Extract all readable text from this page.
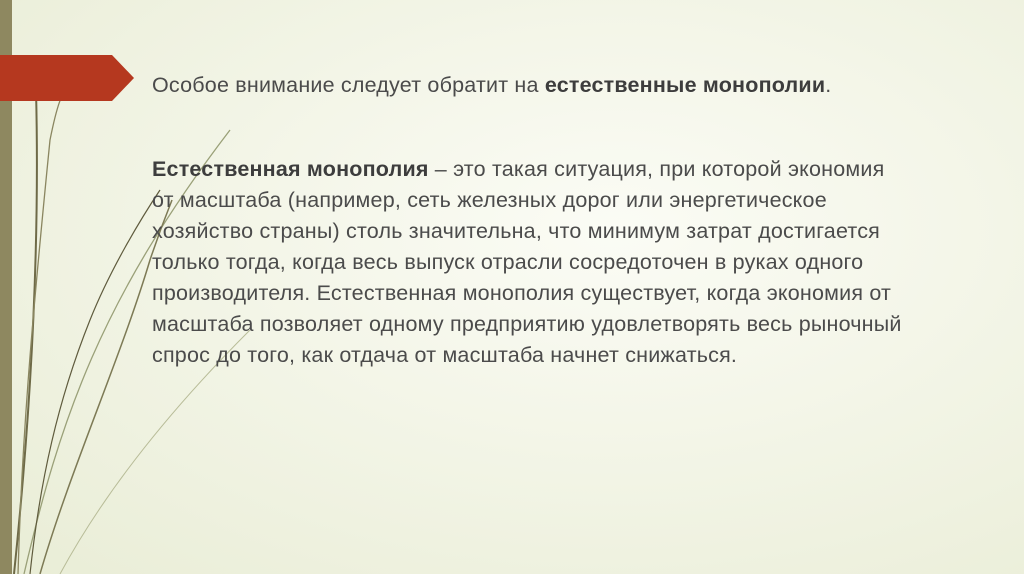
Особое внимание следует обратит на естественные монополии.

Естественная монополия – это такая ситуация, при которой экономия от масштаба (например, сеть железных дорог или энергетическое хозяйство страны) столь значительна, что минимум затрат достигается только тогда, когда весь выпуск отрасли сосредоточен в руках одного производителя. Естественная монополия существует, когда экономия от масштаба позволяет одному предприятию удовлетворять весь рыночный спрос до того, как отдача от масштаба начнет снижаться.
